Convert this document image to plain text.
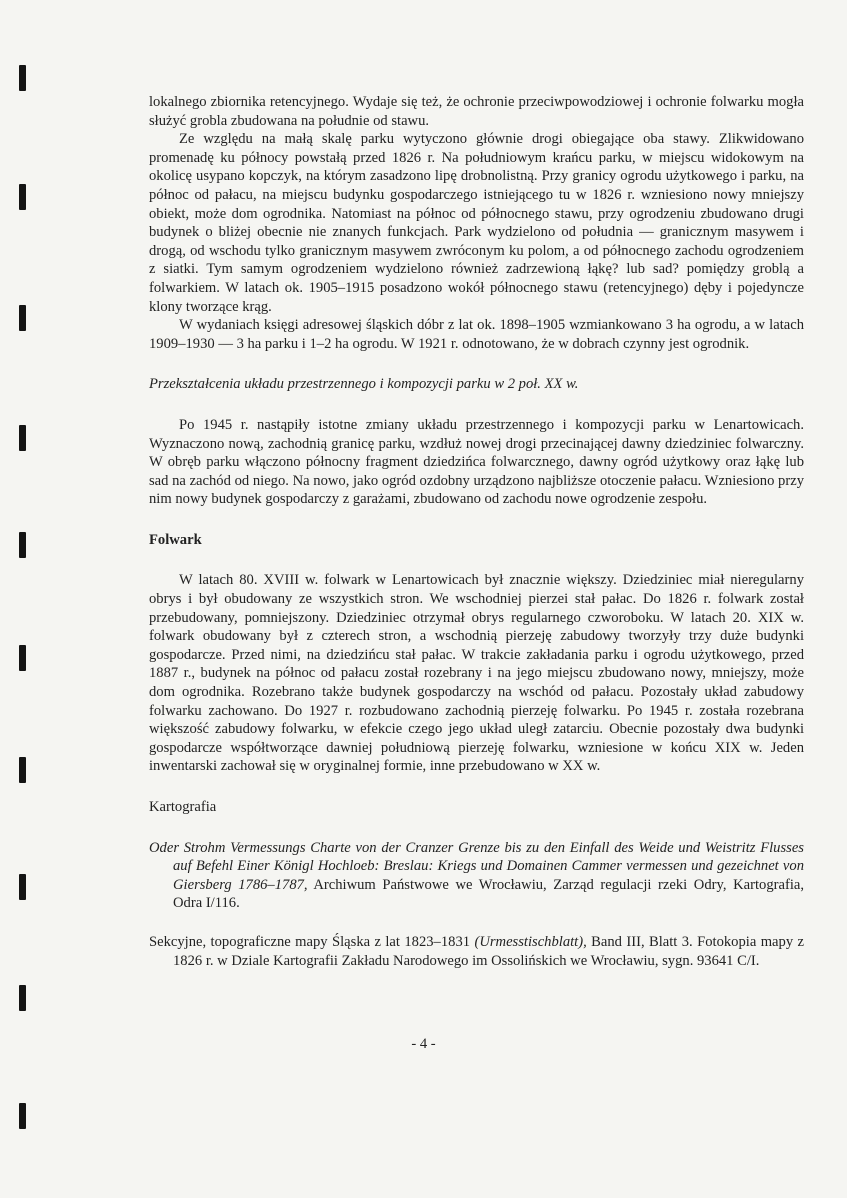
lokalnego zbiornika retencyjnego. Wydaje się też, że ochronie przeciwpowodziowej i ochronie folwarku mogła służyć grobla zbudowana na południe od stawu.

Ze względu na małą skalę parku wytyczono głównie drogi obiegające oba stawy. Zlikwidowano promenadę ku północy powstałą przed 1826 r. Na południowym krańcu parku, w miejscu widokowym na okolicę usypano kopczyk, na którym zasadzono lipę drobnolistną. Przy granicy ogrodu użytkowego i parku, na północ od pałacu, na miejscu budynku gospodarczego istniejącego tu w 1826 r. wzniesiono nowy mniejszy obiekt, może dom ogrodnika. Natomiast na północ od północnego stawu, przy ogrodzeniu zbudowano drugi budynek o bliżej obecnie nie znanych funkcjach. Park wydzielono od południa — granicznym masywem i drogą, od wschodu tylko granicznym masywem zwróconym ku polom, a od północnego zachodu ogrodzeniem z siatki. Tym samym ogrodzeniem wydzielono również zadrzewioną łąkę? lub sad? pomiędzy groblą a folwarkiem. W latach ok. 1905–1915 posadzono wokół północnego stawu (retencyjnego) dęby i pojedyncze klony tworzące krąg.

W wydaniach księgi adresowej śląskich dóbr z lat ok. 1898–1905 wzmiankowano 3 ha ogrodu, a w latach 1909–1930 — 3 ha parku i 1–2 ha ogrodu. W 1921 r. odnotowano, że w dobrach czynny jest ogrodnik.

Przekształcenia układu przestrzennego i kompozycji parku w 2 poł. XX w.

Po 1945 r. nastąpiły istotne zmiany układu przestrzennego i kompozycji parku w Lenartowicach. Wyznaczono nową, zachodnią granicę parku, wzdłuż nowej drogi przecinającej dawny dziedziniec folwarczny. W obręb parku włączono północny fragment dziedzińca folwarcznego, dawny ogród użytkowy oraz łąkę lub sad na zachód od niego. Na nowo, jako ogród ozdobny urządzono najbliższe otoczenie pałacu. Wzniesiono przy nim nowy budynek gospodarczy z garażami, zbudowano od zachodu nowe ogrodzenie zespołu.

Folwark

W latach 80. XVIII w. folwark w Lenartowicach był znacznie większy. Dziedziniec miał nieregularny obrys i był obudowany ze wszystkich stron. We wschodniej pierzei stał pałac. Do 1826 r. folwark został przebudowany, pomniejszony. Dziedziniec otrzymał obrys regularnego czworoboku. W latach 20. XIX w. folwark obudowany był z czterech stron, a wschodnią pierzeję zabudowy tworzyły trzy duże budynki gospodarcze. Przed nimi, na dziedzińcu stał pałac. W trakcie zakładania parku i ogrodu użytkowego, przed 1887 r., budynek na północ od pałacu został rozebrany i na jego miejscu zbudowano nowy, mniejszy, może dom ogrodnika. Rozebrano także budynek gospodarczy na wschód od pałacu. Pozostały układ zabudowy folwarku zachowano. Do 1927 r. rozbudowano zachodnią pierzeję folwarku. Po 1945 r. została rozebrana większość zabudowy folwarku, w efekcie czego jego układ uległ zatarciu. Obecnie pozostały dwa budynki gospodarcze współtworzące dawniej południową pierzeję folwarku, wzniesione w końcu XIX w. Jeden inwentarski zachował się w oryginalnej formie, inne przebudowano w XX w.

Kartografia

Oder Strohm Vermessungs Charte von der Cranzer Grenze bis zu den Einfall des Weide und Weistritz Flusses auf Befehl Einer Königl Hochloeb: Breslau: Kriegs und Domainen Cammer vermessen und gezeichnet von Giersberg 1786–1787, Archiwum Państwowe we Wrocławiu, Zarząd regulacji rzeki Odry, Kartografia, Odra I/116.

Sekcyjne, topograficzne mapy Śląska z lat 1823–1831 (Urmesstischblatt), Band III, Blatt 3. Fotokopia mapy z 1826 r. w Dziale Kartografii Zakładu Narodowego im Ossolińskich we Wrocławiu, sygn. 93641 C/I.

- 4 -
